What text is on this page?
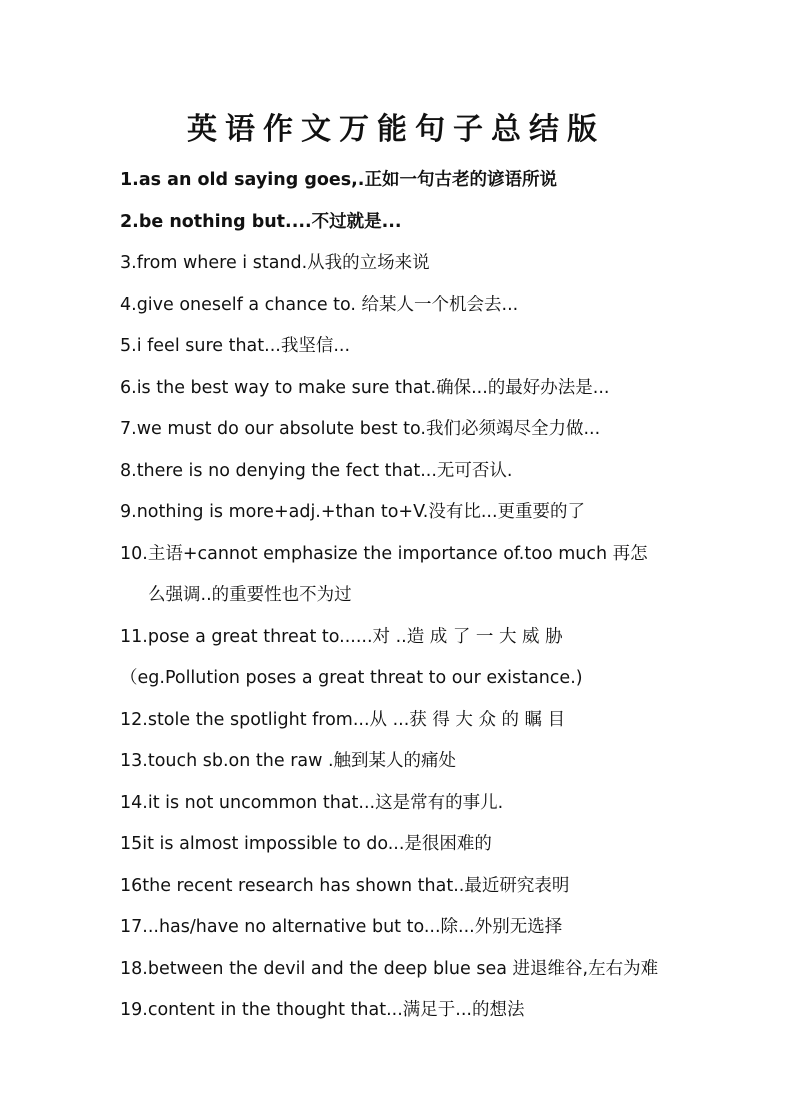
英语作文万能句子总结版
1.as an old saying goes,.正如一句古老的谚语所说
2.be nothing but....不过就是...
3.from where i stand.从我的立场来说
4.give oneself a chance to. 给某人一个机会去...
5.i feel sure that...我坚信...
6.is the best way to make sure that.确保...的最好办法是...
7.we must do our absolute best to.我们必须竭尽全力做...
8.there is no denying the fect that...无可否认.
9.nothing is more+adj.+than to+V.没有比...更重要的了
10.主语+cannot emphasize the importance of.too much 再怎
么强调..的重要性也不为过
11.pose a great threat to......对 ..造 成 了 一 大 威 胁
（eg.Pollution poses a great threat to our existance.)
12.stole the spotlight from...从 ...获 得 大 众 的 瞩 目
13.touch sb.on the raw .触到某人的痛处
14.it is not uncommon that...这是常有的事儿.
15it is almost impossible to do...是很困难的
16the recent research has shown that..最近研究表明
17...has/have no alternative but to...除...外别无选择
18.between the devil and the deep blue sea 进退维谷,左右为难
19.content in the thought that...满足于...的想法
